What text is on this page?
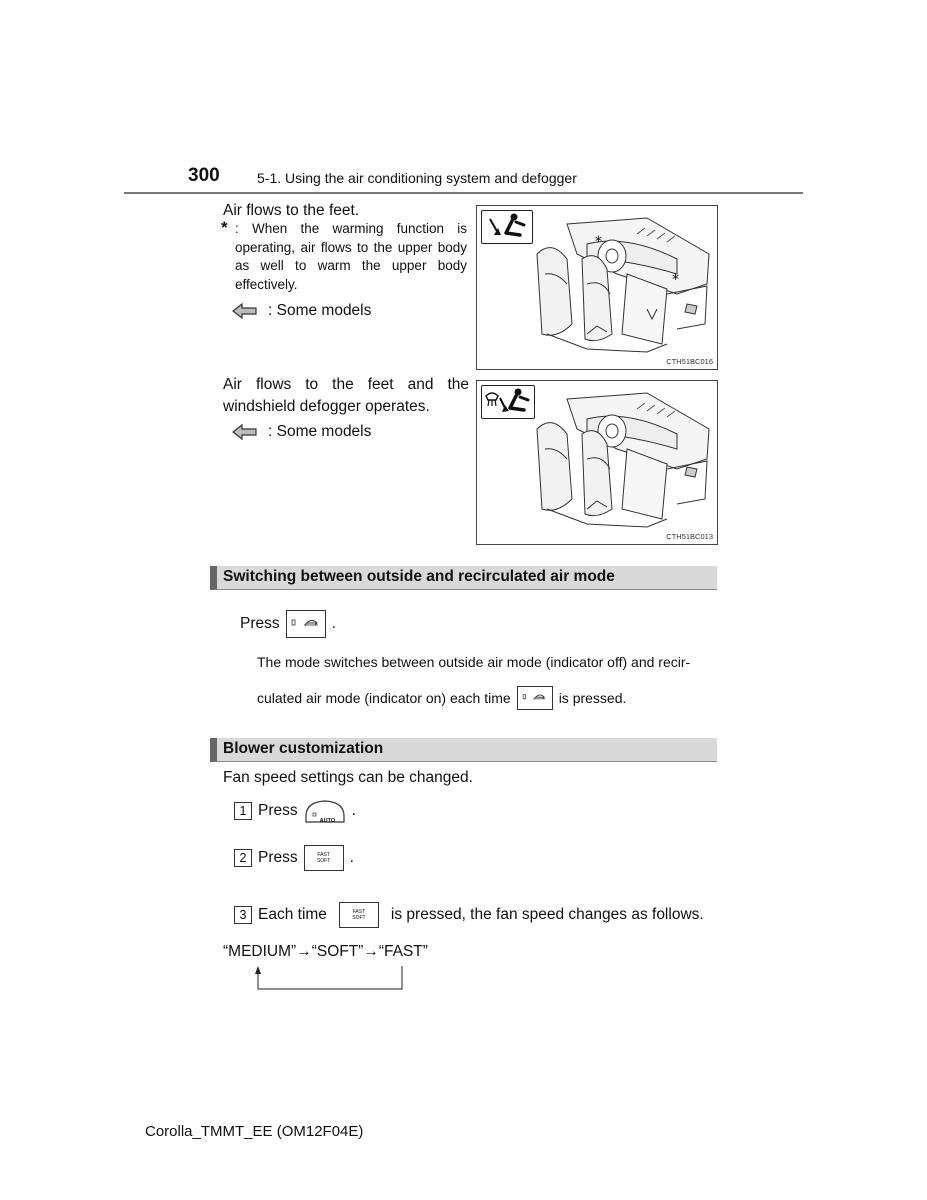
300	5-1. Using the air conditioning system and defogger
Air flows to the feet.
* : When the warming function is operating, air flows to the upper body as well to warm the upper body effectively.
: Some models
*
*
CTH51BC016
Air flows to the feet and the windshield defogger operates.
: Some models
CTH51BC013
Switching between outside and recirculated air mode
Press	.
The mode switches between outside air mode (indicator off) and recir-
culated air mode (indicator on) each time	is pressed.
Blower customization
Fan speed settings can be changed.
1 Press
AUTO
.
2 Press	FAST
SOFT	.
3 Each time	FAST
SOFT	is pressed, the fan speed changes as follows.
“MEDIUM”→“SOFT”→“FAST”
Corolla_TMMT_EE (OM12F04E)
